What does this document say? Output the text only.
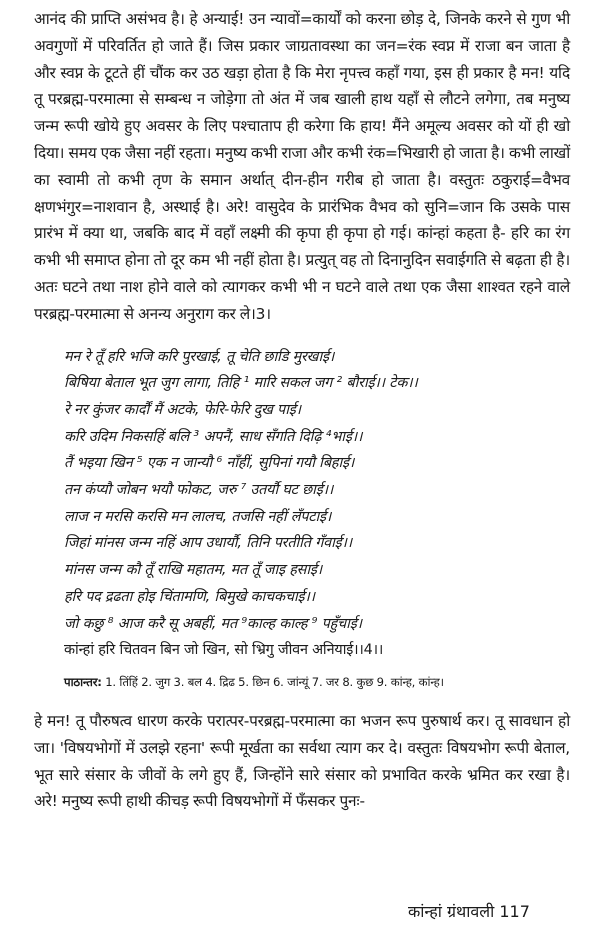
आनंद की प्राप्ति असंभव है। हे अन्याई! उन न्यावों=कार्यों को करना छोड़ दे, जिनके करने से गुण भी अवगुणों में परिवर्तित हो जाते हैं। जिस प्रकार जाग्रतावस्था का जन=रंक स्वप्न में राजा बन जाता है और स्वप्न के टूटते हीं चौंक कर उठ खड़ा होता है कि मेरा नृपत्त्व कहाँ गया, इस ही प्रकार है मन! यदि तू परब्रह्म-परमात्मा से सम्बन्ध न जोड़ेगा तो अंत में जब खाली हाथ यहाँ से लौटने लगेगा, तब मनुष्य जन्म रूपी खोये हुए अवसर के लिए पश्चाताप ही करेगा कि हाय! मैंने अमूल्य अवसर को यों ही खो दिया। समय एक जैसा नहीं रहता। मनुष्य कभी राजा और कभी रंक=भिखारी हो जाता है। कभी लाखों का स्वामी तो कभी तृण के समान अर्थात् दीन-हीन गरीब हो जाता है। वस्तुतः ठकुराई=वैभव क्षणभंगुर=नाशवान है, अस्थाई है। अरे! वासुदेव के प्रारंभिक वैभव को सुनि=जान कि उसके पास प्रारंभ में क्या था, जबकि बाद में वहाँ लक्ष्मी की कृपा ही कृपा हो गई। कांन्हां कहता है- हरि का रंग कभी भी समाप्त होना तो दूर कम भी नहीं होता है। प्रत्युत् वह तो दिनानुदिन सवाईगति से बढ़ता ही है। अतः घटने तथा नाश होने वाले को त्यागकर कभी भी न घटने वाले तथा एक जैसा शाश्वत रहने वाले परब्रह्म-परमात्मा से अनन्य अनुराग कर ले।3।

मन रे तूँ हरि भजि करि पुरखाई, तू चेति छाडि मुरखाई।
बिषिया बेताल भूत जुग लागा, तिहि ¹ मारि सकल जग ² बौराई।। टेक।।
रे नर कुंजर कार्दौं मैं अटके, फेरि-फेरि दुख पाई।
करि उदिम निकसहिं बलि ³ अपनैं, साध सँगति दिढ़ि ⁴भाई।।
तैं भइया खिन ⁵ एक न जान्यौ ⁶ नाँहीं, सुपिनां गयौ बिहाई।
तन कंप्यौ जोबन भयौ फोकट, जरु ⁷ उतर्यौ घट छाई।।
लाज न मरसि करसि मन लालच, तजसि नहीं लँपटाई।
जिहां मांनस जन्म नहिं आप उधार्यौ, तिनि परतीति गँवाई।।
मांनस जन्म कौ तूँ राखि महातम, मत तूँ जाइ हसाई।
हरि पद द्रढता होइ चिंतामणि, बिमुखे काचकचाई।।
जो कछु ⁸ आज करै सू अबहीं, मत ⁹काल्ह काल्ह ⁹ पहुँचाई।
कांन्हां हरि चितवन बिन जो खिन, सो भ्रिगु जीवन अनियाई।।4।।
पाठान्तर: 1. तिंहिं 2. जुग 3. बल 4. द्रिढ 5. छिन 6. जांन्यूं 7. जर 8. कुछ 9. कांन्ह, कांन्ह।

हे मन! तू पौरुषत्व धारण करके परात्पर-परब्रह्म-परमात्मा का भजन रूप पुरुषार्थ कर। तू सावधान हो जा। 'विषयभोगों में उलझे रहना' रूपी मूर्खता का सर्वथा त्याग कर दे। वस्तुतः विषयभोग रूपी बेताल, भूत सारे संसार के जीवों के लगे हुए हैं, जिन्होंने सारे संसार को प्रभावित करके भ्रमित कर रखा है। अरे! मनुष्य रूपी हाथी कीचड़ रूपी विषयभोगों में फँसकर पुनः-

कांन्हां ग्रंथावली 117
